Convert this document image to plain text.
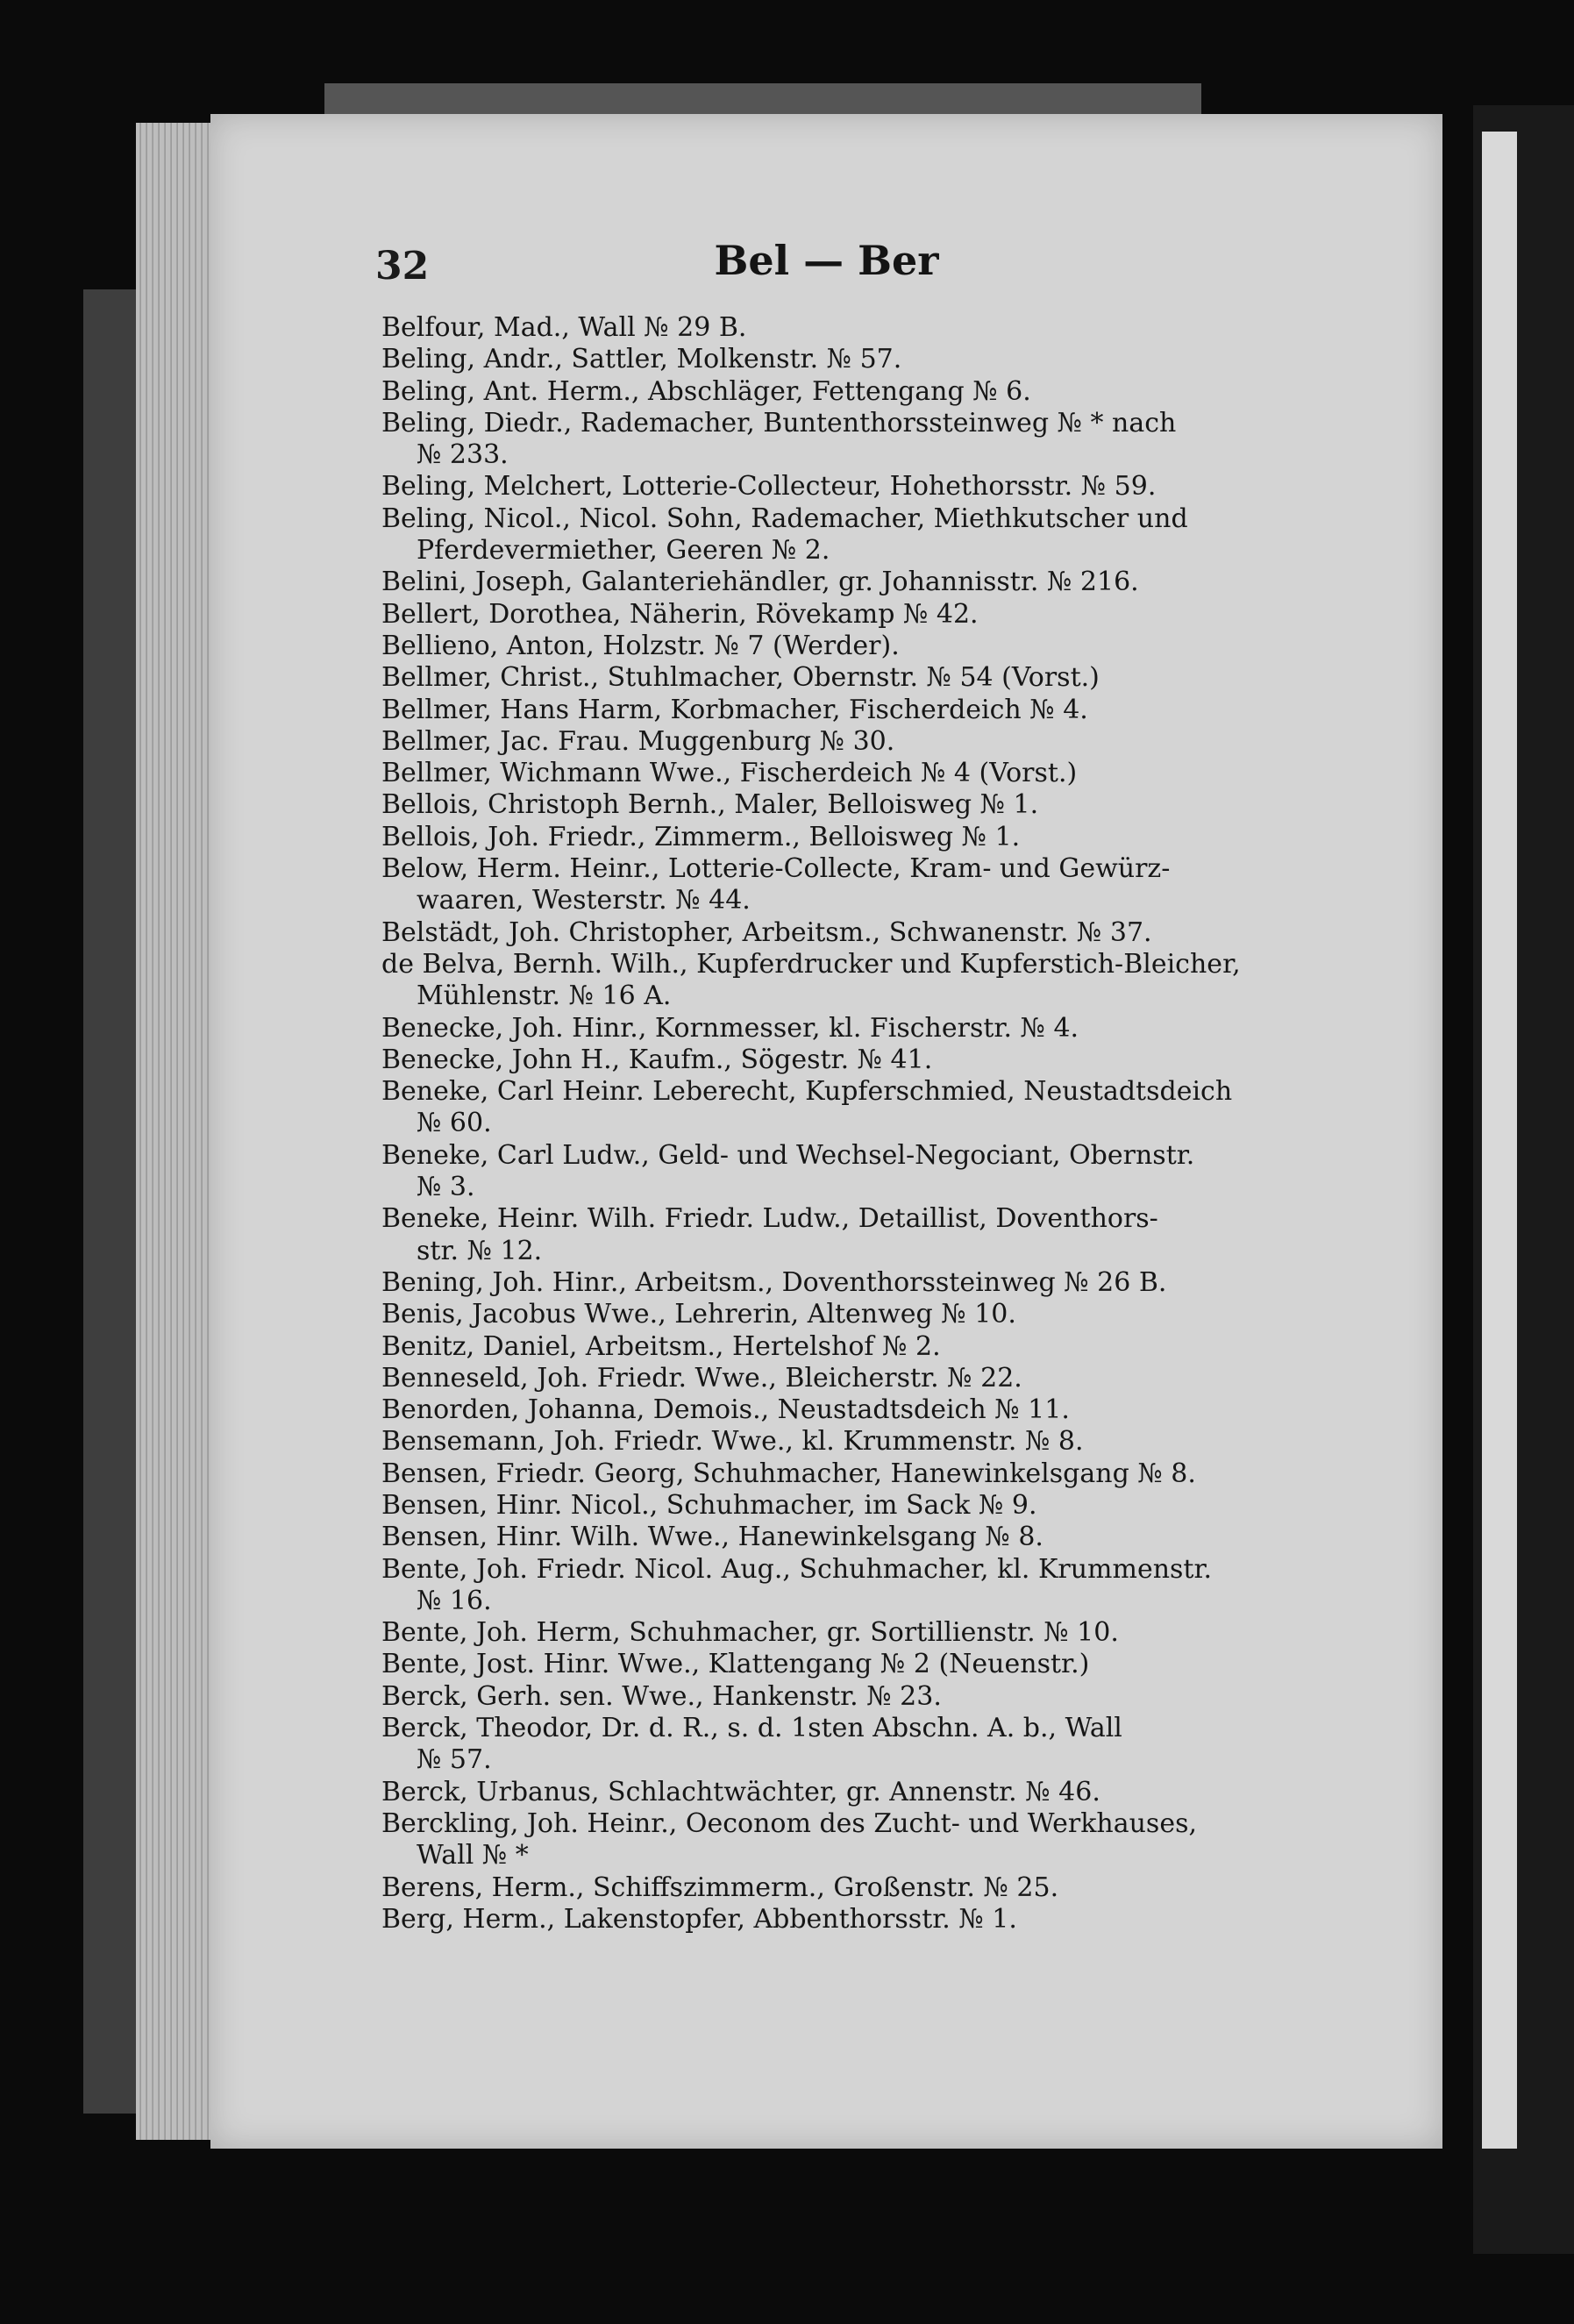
32	Bel — Ber
Belfour, Mad., Wall № 29 B.
Beling, Andr., Sattler, Molkenstr. № 57.
Beling, Ant. Herm., Abschläger, Fettengang № 6.
Beling, Diedr., Rademacher, Buntenthorssteinweg № * nach
№ 233.
Beling, Melchert, Lotterie-Collecteur, Hohethorsstr. № 59.
Beling, Nicol., Nicol. Sohn, Rademacher, Miethkutscher und
Pferdevermiether, Geeren № 2.
Belini, Joseph, Galanteriehändler, gr. Johannisstr. № 216.
Bellert, Dorothea, Näherin, Rövekamp № 42.
Bellieno, Anton, Holzstr. № 7 (Werder).
Bellmer, Christ., Stuhlmacher, Obernstr. № 54 (Vorst.)
Bellmer, Hans Harm, Korbmacher, Fischerdeich № 4.
Bellmer, Jac. Frau. Muggenburg № 30.
Bellmer, Wichmann Wwe., Fischerdeich № 4 (Vorst.)
Bellois, Christoph Bernh., Maler, Belloisweg № 1.
Bellois, Joh. Friedr., Zimmerm., Belloisweg № 1.
Below, Herm. Heinr., Lotterie-Collecte, Kram- und Gewürz-
waaren, Westerstr. № 44.
Belstädt, Joh. Christopher, Arbeitsm., Schwanenstr. № 37.
de Belva, Bernh. Wilh., Kupferdrucker und Kupferstich-Bleicher,
Mühlenstr. № 16 A.
Benecke, Joh. Hinr., Kornmesser, kl. Fischerstr. № 4.
Benecke, John H., Kaufm., Sögestr. № 41.
Beneke, Carl Heinr. Leberecht, Kupferschmied, Neustadtsdeich
№ 60.
Beneke, Carl Ludw., Geld- und Wechsel-Negociant, Obernstr.
№ 3.
Beneke, Heinr. Wilh. Friedr. Ludw., Detaillist, Doventhors-
str. № 12.
Bening, Joh. Hinr., Arbeitsm., Doventhorssteinweg № 26 B.
Benis, Jacobus Wwe., Lehrerin, Altenweg № 10.
Benitz, Daniel, Arbeitsm., Hertelshof № 2.
Benneseld, Joh. Friedr. Wwe., Bleicherstr. № 22.
Benorden, Johanna, Demois., Neustadtsdeich № 11.
Bensemann, Joh. Friedr. Wwe., kl. Krummenstr. № 8.
Bensen, Friedr. Georg, Schuhmacher, Hanewinkelsgang № 8.
Bensen, Hinr. Nicol., Schuhmacher, im Sack № 9.
Bensen, Hinr. Wilh. Wwe., Hanewinkelsgang № 8.
Bente, Joh. Friedr. Nicol. Aug., Schuhmacher, kl. Krummenstr.
№ 16.
Bente, Joh. Herm, Schuhmacher, gr. Sortillienstr. № 10.
Bente, Jost. Hinr. Wwe., Klattengang № 2 (Neuenstr.)
Berck, Gerh. sen. Wwe., Hankenstr. № 23.
Berck, Theodor, Dr. d. R., s. d. 1sten Abschn. A. b., Wall
№ 57.
Berck, Urbanus, Schlachtwächter, gr. Annenstr. № 46.
Berckling, Joh. Heinr., Oeconom des Zucht- und Werkhauses,
Wall № *
Berens, Herm., Schiffszimmerm., Großenstr. № 25.
Berg, Herm., Lakenstopfer, Abbenthorsstr. № 1.
